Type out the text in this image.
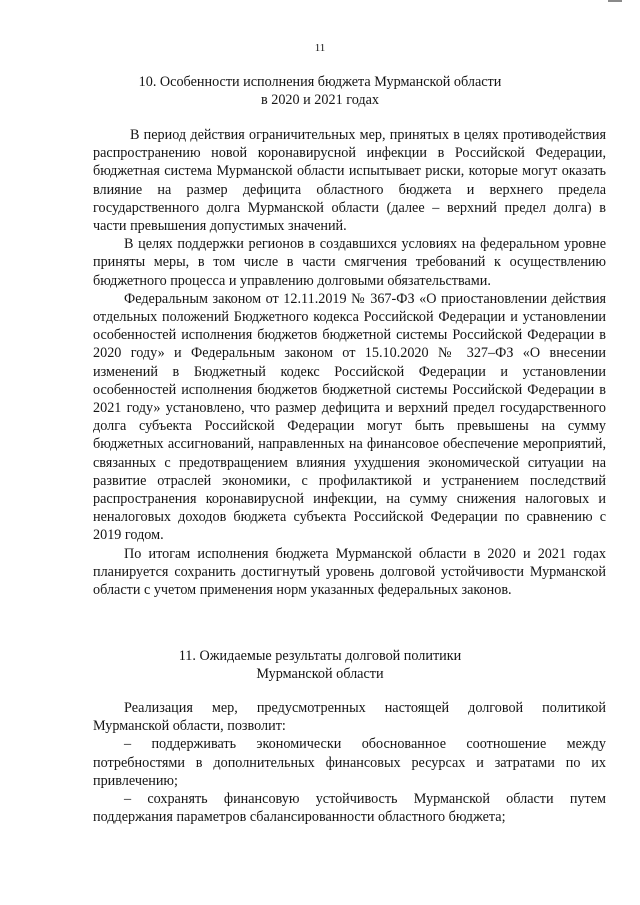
11
10. Особенности исполнения бюджета Мурманской области
в 2020 и 2021 годах

В период действия ограничительных мер, принятых в целях противодействия распространению новой коронавирусной инфекции в Российской Федерации, бюджетная система Мурманской области испытывает риски, которые могут оказать влияние на размер дефицита областного бюджета и верхнего предела государственного долга Мурманской области (далее – верхний предел долга) в части превышения допустимых значений.

В целях поддержки регионов в создавшихся условиях на федеральном уровне приняты меры, в том числе в части смягчения требований к осуществлению бюджетного процесса и управлению долговыми обязательствами.

Федеральным законом от 12.11.2019 № 367-ФЗ «О приостановлении действия отдельных положений Бюджетного кодекса Российской Федерации и установлении особенностей исполнения бюджетов бюджетной системы Российской Федерации в 2020 году» и Федеральным законом от 15.10.2020 № 327–ФЗ «О внесении изменений в Бюджетный кодекс Российской Федерации и установлении особенностей исполнения бюджетов бюджетной системы Российской Федерации в 2021 году» установлено, что размер дефицита и верхний предел государственного долга субъекта Российской Федерации могут быть превышены на сумму бюджетных ассигнований, направленных на финансовое обеспечение мероприятий, связанных с предотвращением влияния ухудшения экономической ситуации на развитие отраслей экономики, с профилактикой и устранением последствий распространения коронавирусной инфекции, на сумму снижения налоговых и неналоговых доходов бюджета субъекта Российской Федерации по сравнению с 2019 годом.

По итогам исполнения бюджета Мурманской области в 2020 и 2021 годах планируется сохранить достигнутый уровень долговой устойчивости Мурманской области с учетом применения норм указанных федеральных законов.

11. Ожидаемые результаты долговой политики
Мурманской области

Реализация мер, предусмотренных настоящей долговой политикой Мурманской области, позволит:

– поддерживать экономически обоснованное соотношение между потребностями в дополнительных финансовых ресурсах и затратами по их привлечению;

– сохранять финансовую устойчивость Мурманской области путем поддержания параметров сбалансированности областного бюджета;
